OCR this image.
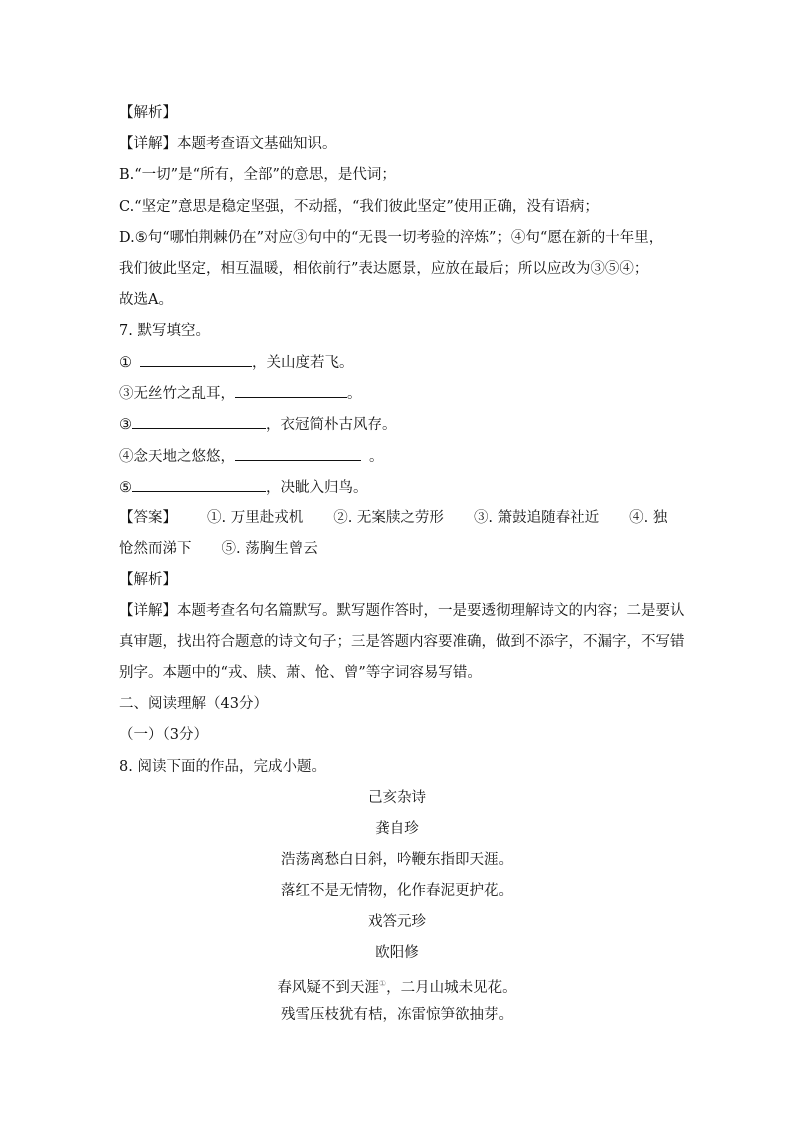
【解析】
【详解】本题考查语文基础知识。
B.“一切”是“所有，全部”的意思，是代词；
C.“坚定”意思是稳定坚强，不动摇，“我们彼此坚定”使用正确，没有语病；
D.⑤句“哪怕荆棘仍在”对应③句中的“无畏一切考验的淬炼”；④句“愿在新的十年里，
我们彼此坚定，相互温暖，相依前行”表达愿景，应放在最后；所以应改为③⑤④；
故选A。
7. 默写填空。
①	，关山度若飞。
③无丝竹之乱耳，	。
③	，衣冠简朴古风存。
④念天地之悠悠，	。
⑤	，决眦入归鸟。
【答案】 ①. 万里赴戎机 ②. 无案牍之劳形 ③. 箫鼓追随春社近 ④. 独
怆然而涕下 ⑤. 荡胸生曾云
【解析】
【详解】本题考查名句名篇默写。默写题作答时，一是要透彻理解诗文的内容；二是要认
真审题，找出符合题意的诗文句子；三是答题内容要准确，做到不添字，不漏字，不写错
别字。本题中的“戎、牍、萧、怆、曾”等字词容易写错。
二、阅读理解（43分）
（一）（3分）
8. 阅读下面的作品，完成小题。
己亥杂诗
龚自珍
浩荡离愁白日斜，吟鞭东指即天涯。
落红不是无情物，化作春泥更护花。
戏答元珍
欧阳修
春风疑不到天涯①，二月山城未见花。
残雪压枝犹有桔，冻雷惊笋欲抽芽。
